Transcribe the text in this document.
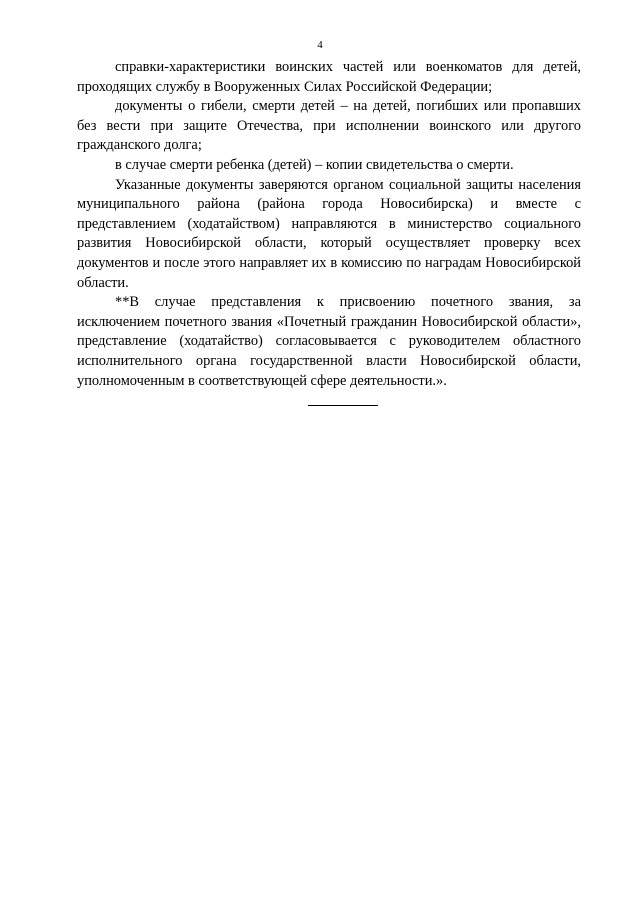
4

справки-характеристики воинских частей или военкоматов для детей, проходящих службу в Вооруженных Силах Российской Федерации;

документы о гибели, смерти детей – на детей, погибших или пропавших без вести при защите Отечества, при исполнении воинского или другого гражданского долга;

в случае смерти ребенка (детей) – копии свидетельства о смерти.

Указанные документы заверяются органом социальной защиты населения муниципального района (района города Новосибирска) и вместе с представлением (ходатайством) направляются в министерство социального развития Новосибирской области, который осуществляет проверку всех документов и после этого направляет их в комиссию по наградам Новосибирской области.

**В случае представления к присвоению почетного звания, за исключением почетного звания «Почетный гражданин Новосибирской области», представление (ходатайство) согласовывается с руководителем областного исполнительного органа государственной власти Новосибирской области, уполномоченным в соответствующей сфере деятельности.».
